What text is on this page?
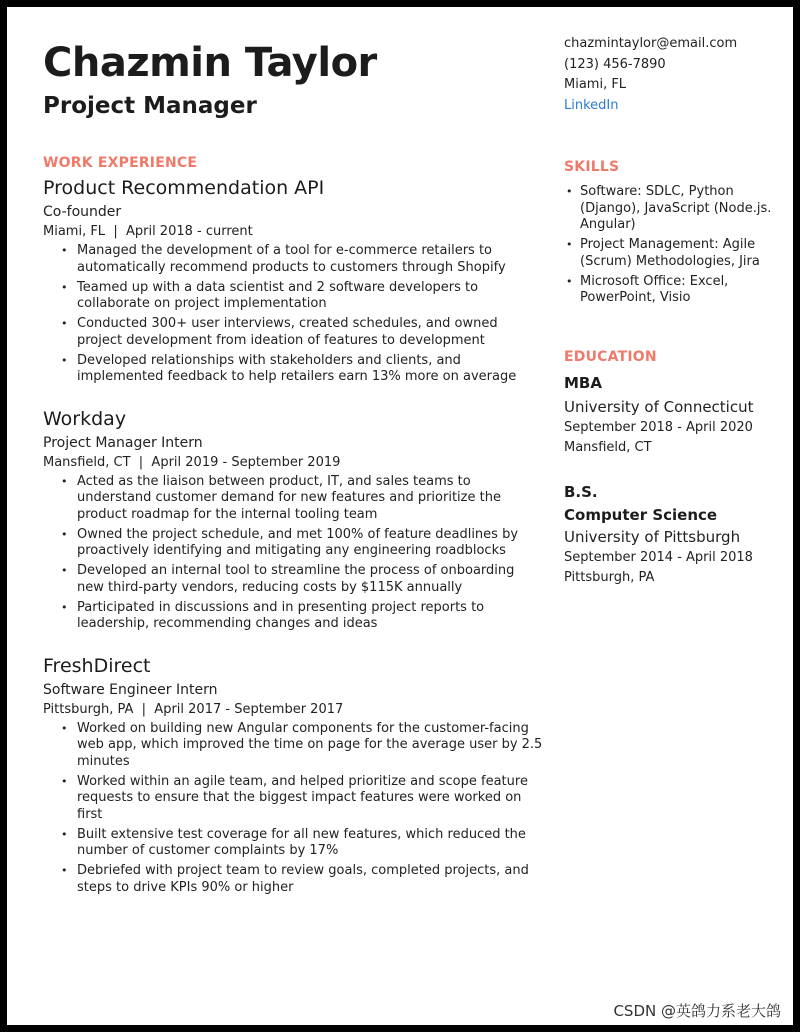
Chazmin Taylor
Project Manager
WORK EXPERIENCE
Product Recommendation API
Co-founder
Miami, FL  |  April 2018 - current
• Managed the development of a tool for e-commerce retailers to automatically recommend products to customers through Shopify
• Teamed up with a data scientist and 2 software developers to collaborate on project implementation
• Conducted 300+ user interviews, created schedules, and owned project development from ideation of features to development
• Developed relationships with stakeholders and clients, and implemented feedback to help retailers earn 13% more on average
Workday
Project Manager Intern
Mansfield, CT  |  April 2019 - September 2019
• Acted as the liaison between product, IT, and sales teams to understand customer demand for new features and prioritize the product roadmap for the internal tooling team
• Owned the project schedule, and met 100% of feature deadlines by proactively identifying and mitigating any engineering roadblocks
• Developed an internal tool to streamline the process of onboarding new third-party vendors, reducing costs by $115K annually
• Participated in discussions and in presenting project reports to leadership, recommending changes and ideas
FreshDirect
Software Engineer Intern
Pittsburgh, PA  |  April 2017 - September 2017
• Worked on building new Angular components for the customer-facing web app, which improved the time on page for the average user by 2.5 minutes
• Worked within an agile team, and helped prioritize and scope feature requests to ensure that the biggest impact features were worked on first
• Built extensive test coverage for all new features, which reduced the number of customer complaints by 17%
• Debriefed with project team to review goals, completed projects, and steps to drive KPIs 90% or higher
chazmintaylor@email.com
(123) 456-7890
Miami, FL
LinkedIn
SKILLS
• Software: SDLC, Python (Django), JavaScript (Node.js. Angular)
• Project Management: Agile (Scrum) Methodologies, Jira
• Microsoft Office: Excel, PowerPoint, Visio
EDUCATION
MBA
University of Connecticut
September 2018 - April 2020
Mansfield, CT
B.S.
Computer Science
University of Pittsburgh
September 2014 - April 2018
Pittsburgh, PA
CSDN @英鸽力系老大鸽
